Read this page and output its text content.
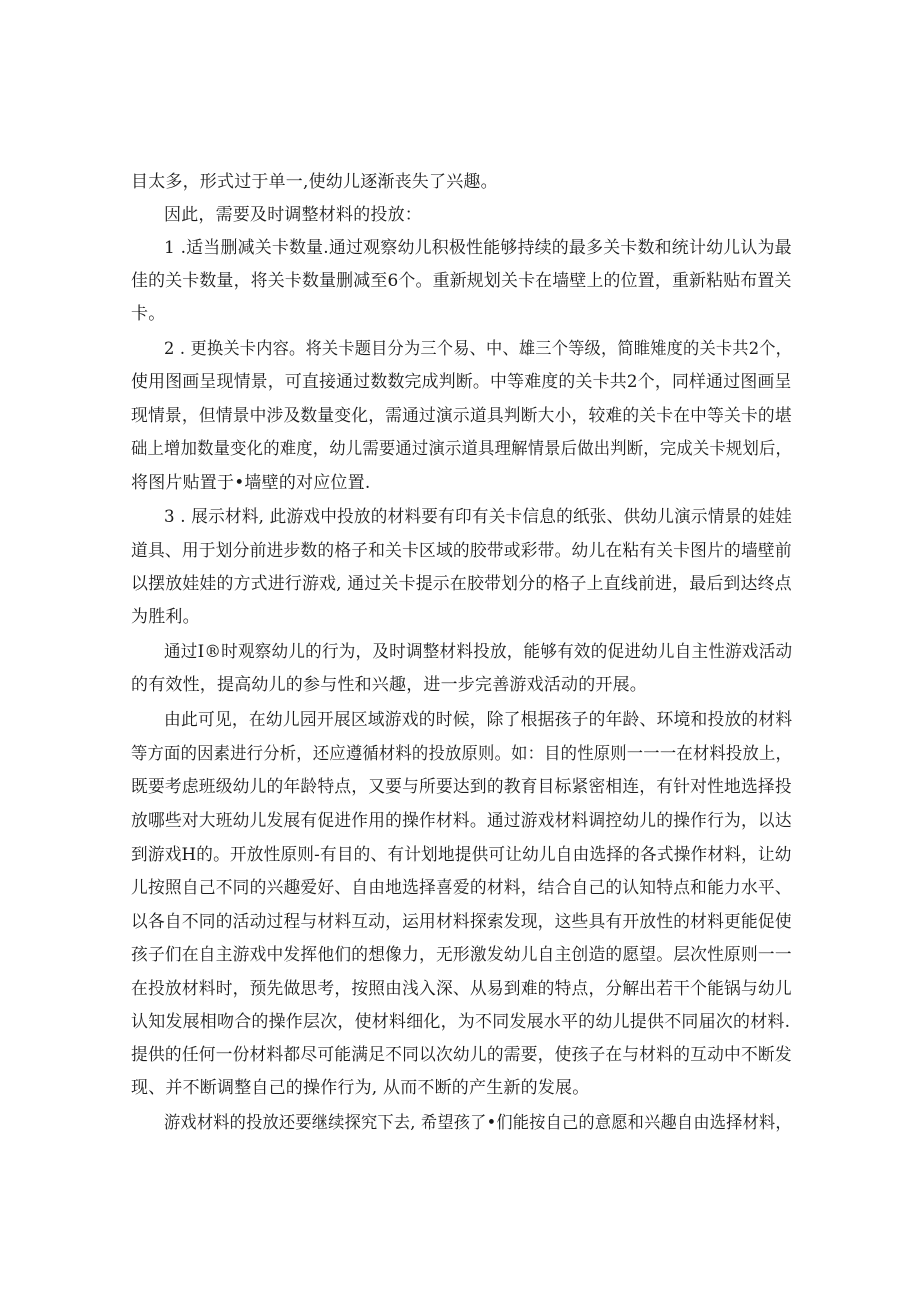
目太多，形式过于单一,使幼儿逐渐丧失了兴趣。
因此，需要及时调整材料的投放：
1 .适当删减关卡数量.通过观察幼儿积极性能够持续的最多关卡数和统计幼儿认为最
佳的关卡数量，将关卡数量删减至6个。重新规划关卡在墙壁上的位置，重新粘贴布置关
卡。
2 . 更换关卡内容。将关卡题目分为三个易、中、雄三个等级，简睢雉度的关卡共2个，
使用图画呈现情景，可直接通过数数完成判断。中等难度的关卡共2个，同样通过图画呈
现情景，但情景中涉及数量变化，需通过演示道具判断大小，较难的关卡在中等关卡的堪
础上增加数量变化的难度，幼儿需要通过演示道具理解情景后做出判断，完成关卡规划后，
将图片贴置于•墙壁的对应位置.
3 . 展示材料, 此游戏中投放的材料要有印有关卡信息的纸张、供幼儿演示情景的娃娃
道具、用于划分前进步数的格子和关卡区域的胶带或彩带。幼儿在粘有关卡图片的墙壁前
以摆放娃娃的方式进行游戏, 通过关卡提示在胶带划分的格子上直线前进，最后到达终点
为胜利。
通过I®时观察幼儿的行为，及时调整材料投放，能够有效的促进幼儿自主性游戏活动
的有效性，提高幼儿的参与性和兴趣，进一步完善游戏活动的开展。
由此可见，在幼儿园开展区域游戏的时候，除了根据孩子的年龄、环境和投放的材料
等方面的因素进行分析，还应遵循材料的投放原则。如：目的性原则一一一在材料投放上，
既要考虑班级幼儿的年龄特点，又要与所要达到的教育目标紧密相连，有针对性地选择投
放哪些对大班幼儿发展有促进作用的操作材料。通过游戏材料调控幼儿的操作行为，以达
到游戏H的。开放性原则-有目的、有计划地提供可让幼儿自由选择的各式操作材料，让幼
儿按照自己不同的兴趣爱好、自由地选择喜爱的材料，结合自己的认知特点和能力水平、
以各自不同的活动过程与材料互动，运用材料探索发现，这些具有开放性的材料更能促使
孩子们在自主游戏中发挥他们的想像力，无形激发幼儿自主创造的愿望。层次性原则一一
在投放材料时，预先做思考，按照由浅入深、从易到难的特点，分解出若干个能锅与幼儿
认知发展相吻合的操作层次，使材料细化，为不同发展水平的幼儿提供不同届次的材料.
提供的任何一份材料都尽可能满足不同以次幼儿的需要，使孩子在与材料的互动中不断发
现、并不断调整自己的操作行为, 从而不断的产生新的发展。
游戏材料的投放还要继续探究下去, 希望孩了•们能按自己的意愿和兴趣自由选择材料，
